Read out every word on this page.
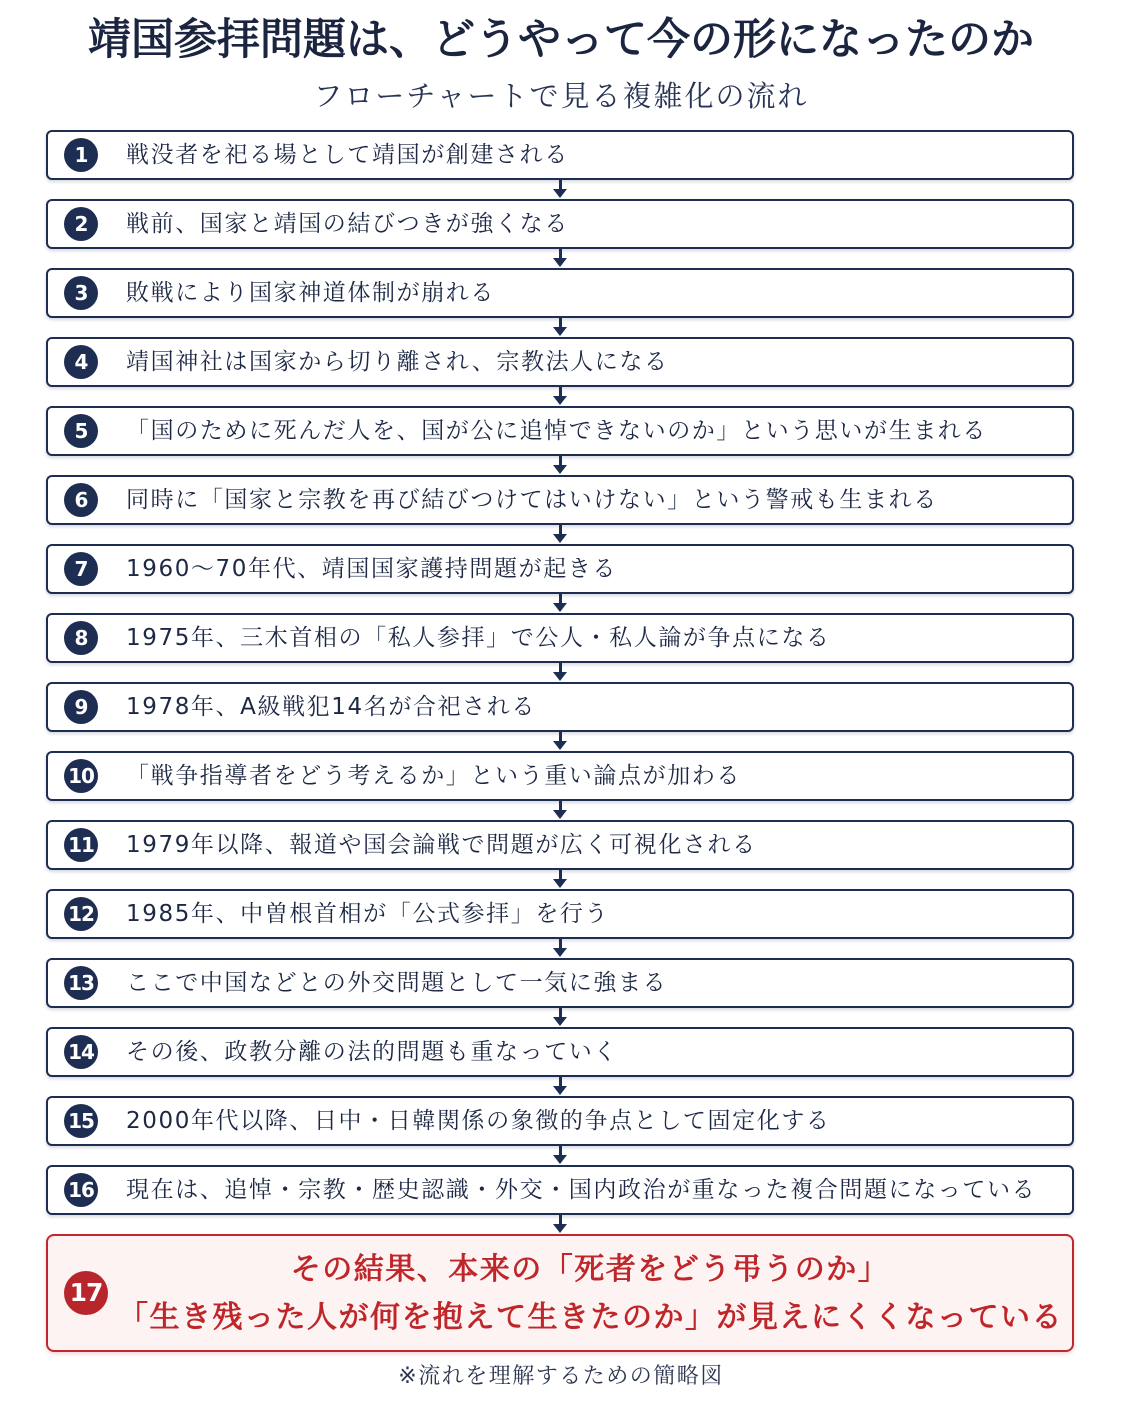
靖国参拝問題は、どうやって今の形になったのか
フローチャートで見る複雑化の流れ
1	戦没者を祀る場として靖国が創建される
2	戦前、国家と靖国の結びつきが強くなる
3	敗戦により国家神道体制が崩れる
4	靖国神社は国家から切り離され、宗教法人になる
5	「国のために死んだ人を、国が公に追悼できないのか」という思いが生まれる
6	同時に「国家と宗教を再び結びつけてはいけない」という警戒も生まれる
7	1960〜70年代、靖国国家護持問題が起きる
8	1975年、三木首相の「私人参拝」で公人・私人論が争点になる
9	1978年、A級戦犯14名が合祀される
10 「戦争指導者をどう考えるか」という重い論点が加わる
11 1979年以降、報道や国会論戦で問題が広く可視化される
12 1985年、中曽根首相が「公式参拝」を行う
13 ここで中国などとの外交問題として一気に強まる
14 その後、政教分離の法的問題も重なっていく
15 2000年代以降、日中・日韓関係の象徴的争点として固定化する
16 現在は、追悼・宗教・歴史認識・外交・国内政治が重なった複合問題になっている
17
その結果、本来の「死者をどう弔うのか」
「生き残った人が何を抱えて生きたのか」が見えにくくなっている
※流れを理解するための簡略図
